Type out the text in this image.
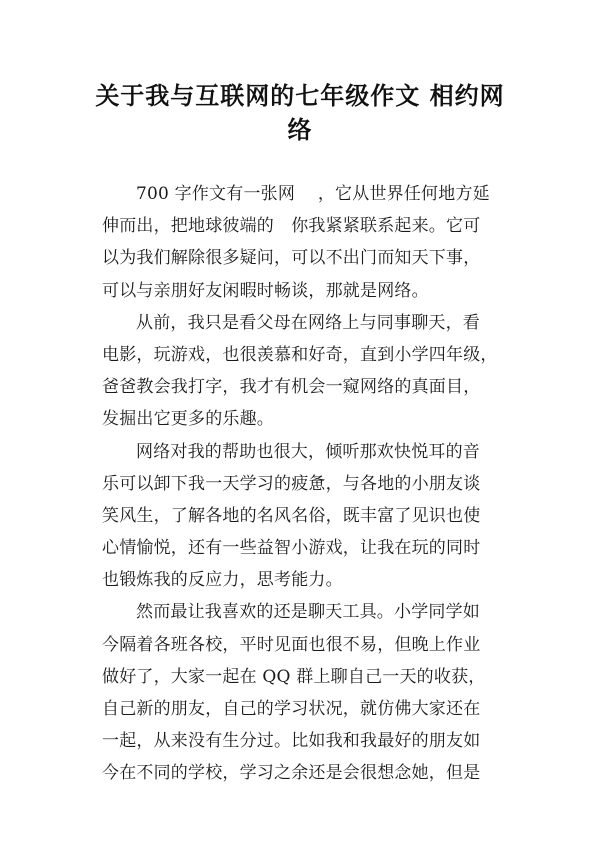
关于我与互联网的七年级作文 相约网
络
700 字作文有一张网　 ，它从世界任何地方延
伸而出，把地球彼端的　你我紧紧联系起来。它可
以为我们解除很多疑问，可以不出门而知天下事，
可以与亲朋好友闲暇时畅谈，那就是网络。
从前，我只是看父母在网络上与同事聊天，看
电影，玩游戏，也很羡慕和好奇，直到小学四年级，
爸爸教会我打字，我才有机会一窥网络的真面目，
发掘出它更多的乐趣。
网络对我的帮助也很大，倾听那欢快悦耳的音
乐可以卸下我一天学习的疲惫，与各地的小朋友谈
笑风生，了解各地的名风名俗，既丰富了见识也使
心情愉悦，还有一些益智小游戏，让我在玩的同时
也锻炼我的反应力，思考能力。
然而最让我喜欢的还是聊天工具。小学同学如
今隔着各班各校，平时见面也很不易，但晚上作业
做好了，大家一起在 QQ 群上聊自己一天的收获，
自己新的朋友，自己的学习状况，就仿佛大家还在
一起，从来没有生分过。比如我和我最好的朋友如
今在不同的学校，学习之余还是会很想念她，但是
